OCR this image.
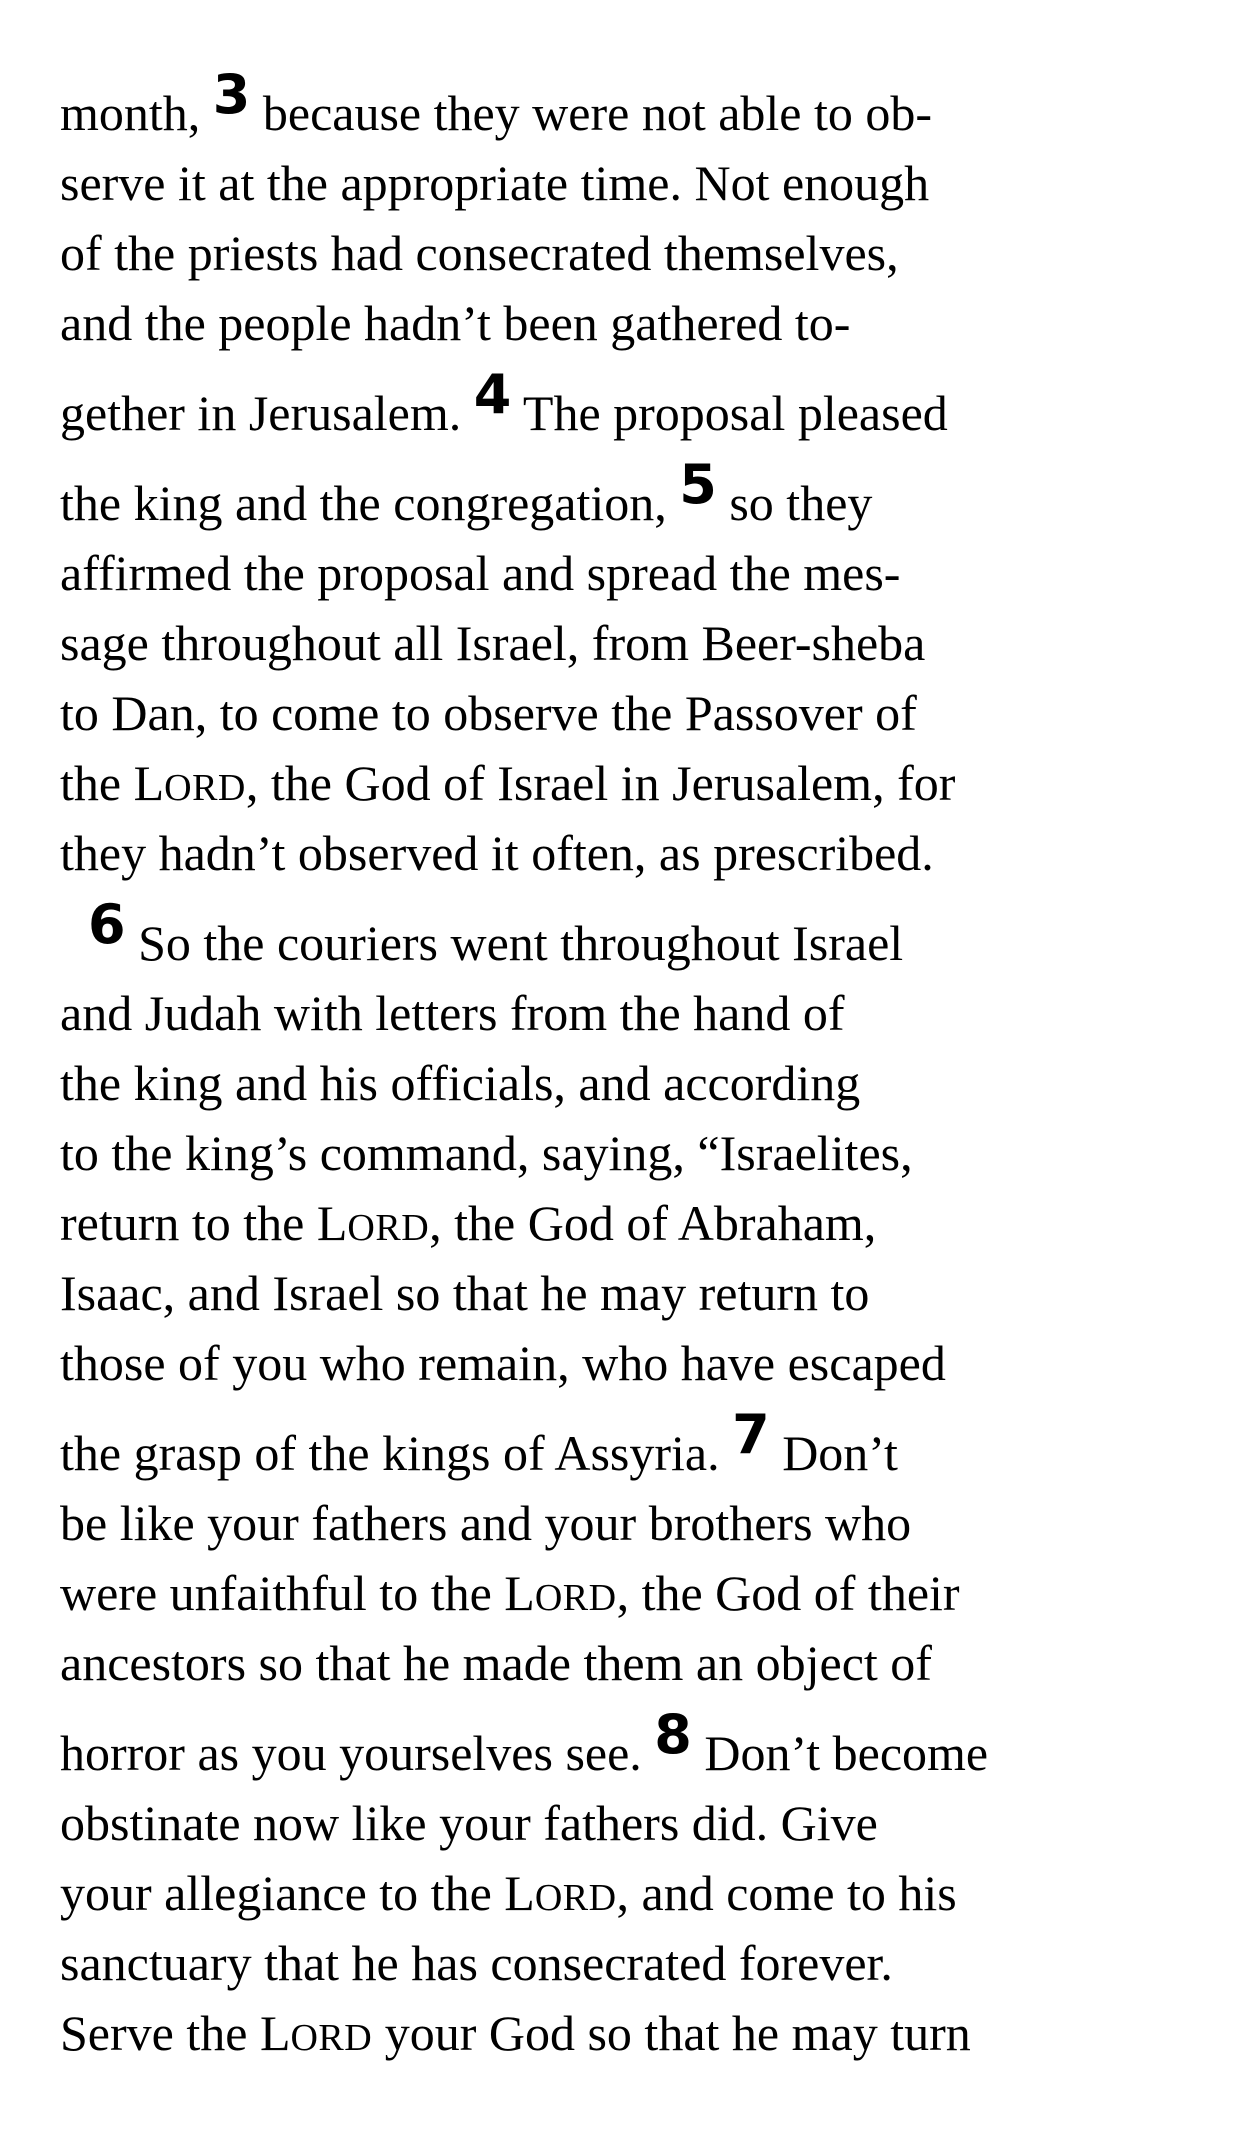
month, 3 because they were not able to ob-
serve it at the appropriate time. Not enough
of the priests had consecrated themselves,
and the people hadn’t been gathered to-
gether in Jerusalem. 4 The proposal pleased
the king and the congregation, 5 so they
affirmed the proposal and spread the mes-
sage throughout all Israel, from Beer-sheba
to Dan, to come to observe the Passover of
the LORD, the God of Israel in Jerusalem, for
they hadn’t observed it often, as prescribed.
6 So the couriers went throughout Israel
and Judah with letters from the hand of
the king and his officials, and according
to the king’s command, saying, “Israelites,
return to the LORD, the God of Abraham,
Isaac, and Israel so that he may return to
those of you who remain, who have escaped
the grasp of the kings of Assyria. 7 Don’t
be like your fathers and your brothers who
were unfaithful to the LORD, the God of their
ancestors so that he made them an object of
horror as you yourselves see. 8 Don’t become
obstinate now like your fathers did. Give
your allegiance to the LORD, and come to his
sanctuary that he has consecrated forever.
Serve the LORD your God so that he may turn
